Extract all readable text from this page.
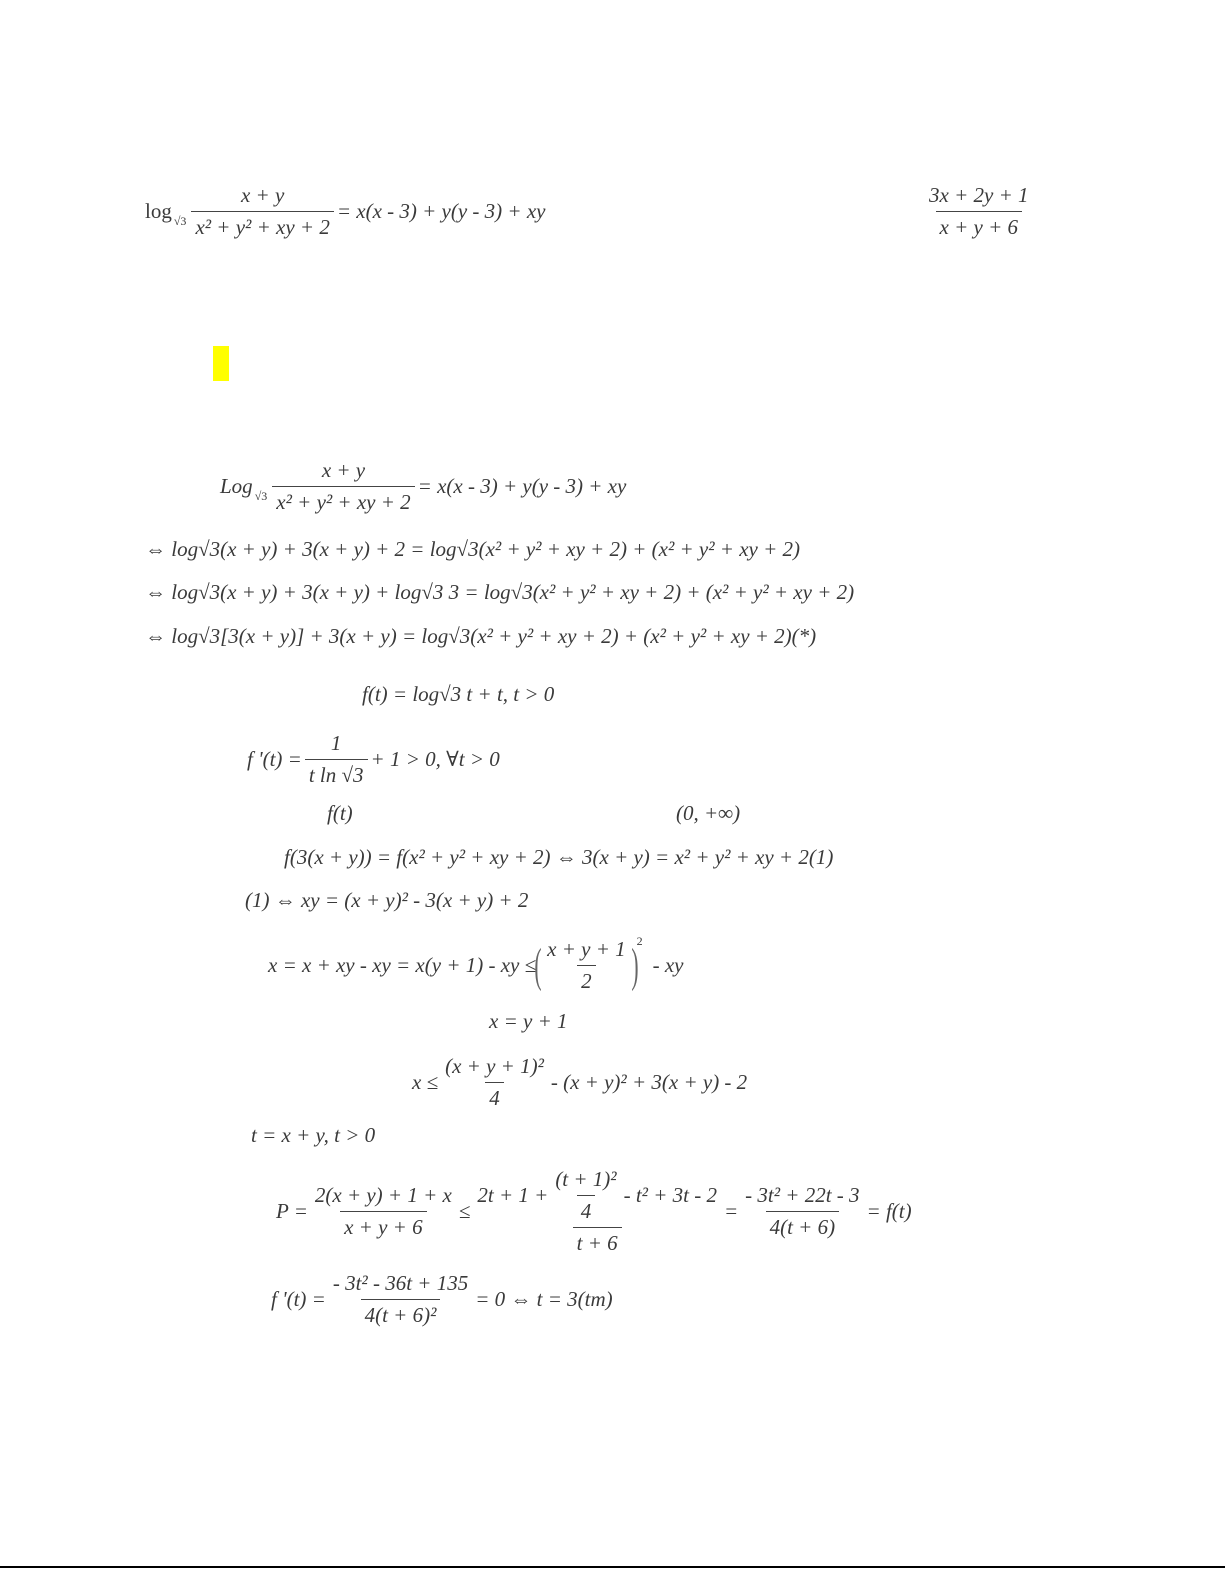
$\log √3 \frac{x + y}{\text{x² + y² + xy + 2}} = x(x - 3) + y(y - 3)$ + xy	$\frac{3x + 2y + 1}{x + y + 6}$
Log $√3 \frac{x + y}{\text{x² + y² + xy + 2}} = x(x - 3) + y(y - 3)$ + xy
⇔ log√3(x + y) + 3(x + y) + 2 = log√3(x² + y² + xy + 2) + (x² + y² + xy + 2)
⇔ log√3(x + y) + 3(x + y) + log√3 3 = log√3(x² + y² + xy + 2) + (x² + y² + xy + 2)
⇔ log√3[3(x + y)] + 3(x + y) = log√3(x² + y² + xy + 2) + (x² + y² + xy + 2)(*)
f(t) = log√3 t + t, t > 0
f '$(t) = \frac{1}{\text{t ln √3}} + 1 > 0$, ∀t > 0
f(t)	(0, +∞)
f(3(x + y)) = f(x² + y² + xy + 2) ⇔ 3(x + y) = x² + y² + xy + 2(1)
(1) ⇔ xy = (x + y)² - 3(x + y) + 2
x = x + xy - xy = x(y + 1) - xy ≤
( $\frac{x + y + 1}{2}$ )
2
- xy
x = y + 1
$x \le \frac{\text{(x + y + 1)²}}{4} - (x + y)^2 + 3(x + y) - 2$
t = x + y, t > 0
$P = \frac{2(x + y) + 1 + x}{x + y + 6}$ ≤
$2t + 1 + \frac{\text{(t + 1)²}}{4} - t^2 + 3t - 2$
t + 6
= $\frac{\text{- 3t² + 22t - 3}}{4(t + 6)} = f(t)$
f '$(t) = \frac{\text{- 3t² - 36t + 135}}{\text{4(t + 6)²}} = 0$ ⇔ t = 3(tm)
